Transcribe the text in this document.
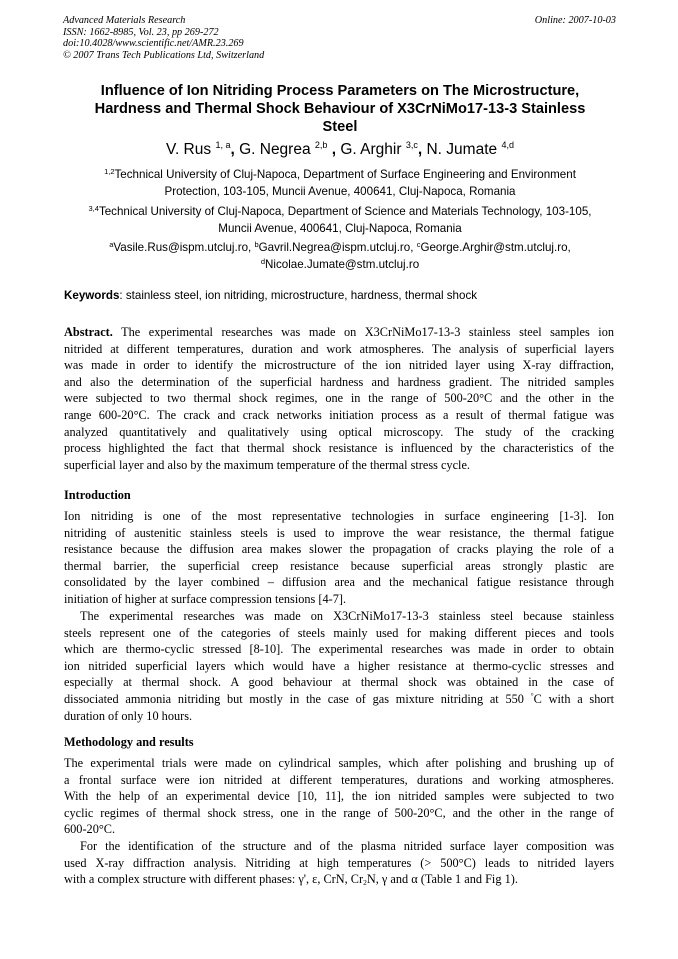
Advanced Materials Research
ISSN: 1662-8985, Vol. 23, pp 269-272
doi:10.4028/www.scientific.net/AMR.23.269
© 2007 Trans Tech Publications Ltd, Switzerland
Online: 2007-10-03
Influence of Ion Nitriding Process Parameters on The Microstructure,
Hardness and Thermal Shock Behaviour of X3CrNiMo17-13-3 Stainless
Steel
V. Rus $^{1, a}$, G. Negrea $^{2,b}$ , G. Arghir $^{3,c}$, N. Jumate $^{4,d}$
$^{1,2}$Technical University of Cluj-Napoca, Department of Surface Engineering and Environment
Protection, 103-105, Muncii Avenue, 400641, Cluj-Napoca, Romania
$^{3,4}$Technical University of Cluj-Napoca, Department of Science and Materials Technology, 103-105,
Muncii Avenue, 400641, Cluj-Napoca, Romania
$^a$Vasile.Rus@ispm.utcluj.ro, $^b$Gavril.Negrea@ispm.utcluj.ro, $^c$George.Arghir@stm.utcluj.ro,
$^d$Nicolae.Jumate@stm.utcluj.ro
Keywords: stainless steel, ion nitriding, microstructure, hardness, thermal shock
Abstract. The experimental researches was made on X3CrNiMo17-13-3 stainless steel samples ion
nitrided at different temperatures, duration and work atmospheres. The analysis of superficial layers
was made in order to identify the microstructure of the ion nitrided layer using X-ray diffraction,
and also the determination of the superficial hardness and hardness gradient. The nitrided samples
were subjected to two thermal shock regimes, one in the range of 500-20°C and the other in the
range 600-20°C. The crack and crack networks initiation process as a result of thermal fatigue was
analyzed quantitatively and qualitatively using optical microscopy. The study of the cracking
process highlighted the fact that thermal shock resistance is influenced by the characteristics of the
superficial layer and also by the maximum temperature of the thermal stress cycle.
Introduction
Ion nitriding is one of the most representative technologies in surface engineering [1-3]. Ion
nitriding of austenitic stainless steels is used to improve the wear resistance, the thermal fatigue
resistance because the diffusion area makes slower the propagation of cracks playing the role of a
thermal barrier, the superficial creep resistance because superficial areas strongly plastic are
consolidated by the layer combined – diffusion area and the mechanical fatigue resistance through
initiation of higher at surface compression tensions [4-7].
The experimental researches was made on X3CrNiMo17-13-3 stainless steel because stainless
steels represent one of the categories of steels mainly used for making different pieces and tools
which are thermo-cyclic stressed [8-10]. The experimental researches was made in order to obtain
ion nitrided superficial layers which would have a higher resistance at thermo-cyclic stresses and
especially at thermal shock. A good behaviour at thermal shock was obtained in the case of
dissociated ammonia nitriding but mostly in the case of gas mixture nitriding at 550 °C with a short
duration of only 10 hours.
Methodology and results
The experimental trials were made on cylindrical samples, which after polishing and brushing up of
a frontal surface were ion nitrided at different temperatures, durations and working atmospheres.
With the help of an experimental device [10, 11], the ion nitrided samples were subjected to two
cyclic regimes of thermal shock stress, one in the range of 500-20°C, and the other in the range of
600-20°C.
For the identification of the structure and of the plasma nitrided surface layer composition was
used X-ray diffraction analysis. Nitriding at high temperatures (> 500°C) leads to nitrided layers
with a complex structure with different phases: γ', ε, CrN, $Cr_2N$, γ and α (Table 1 and Fig 1).
